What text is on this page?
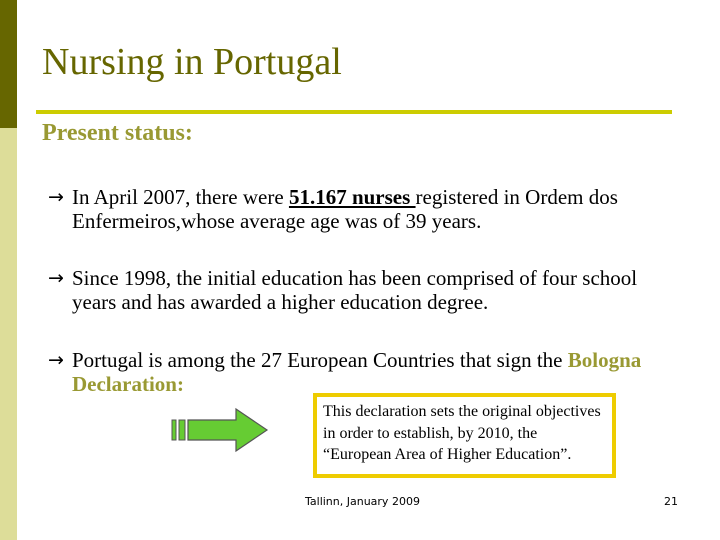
Nursing in Portugal
Present status:
→ In April 2007, there were 51.167 nurses registered in Ordem dos Enfermeiros,whose average age was of 39 years.
→ Since 1998, the initial education has been comprised of four school years and has awarded a higher education degree.
→ Portugal is among the 27 European Countries that sign the Bologna Declaration:
This declaration sets the original objectives in order to establish, by 2010, the “European Area of Higher Education”.
Tallinn, January 2009	21
